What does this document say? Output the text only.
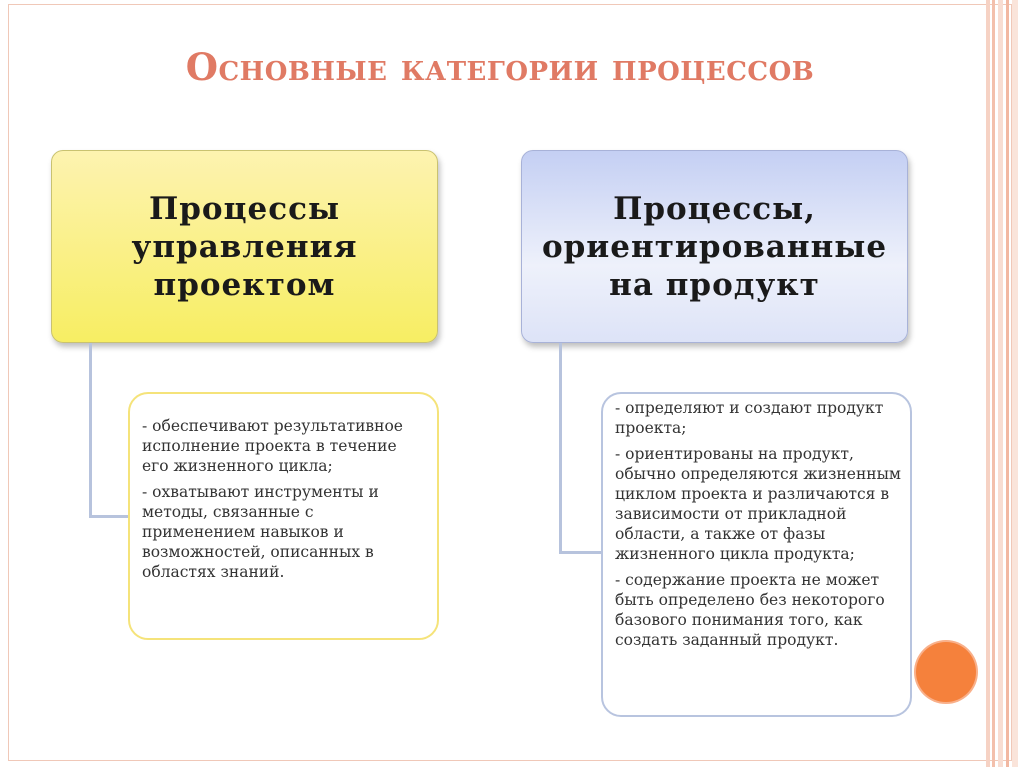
Основные категории процессов
Процессы
управления
проектом
Процессы,
ориентированные
на продукт
- обеспечивают результативное исполнение проекта в течение его жизненного цикла;
- охватывают инструменты и методы, связанные с применением навыков и возможностей, описанных в областях знаний.
- определяют и создают продукт проекта;
- ориентированы на продукт, обычно определяются жизненным циклом проекта и различаются в зависимости от прикладной области, а также от фазы жизненного цикла продукта;
- содержание проекта не может быть определено без некоторого базового понимания того, как создать заданный продукт.
